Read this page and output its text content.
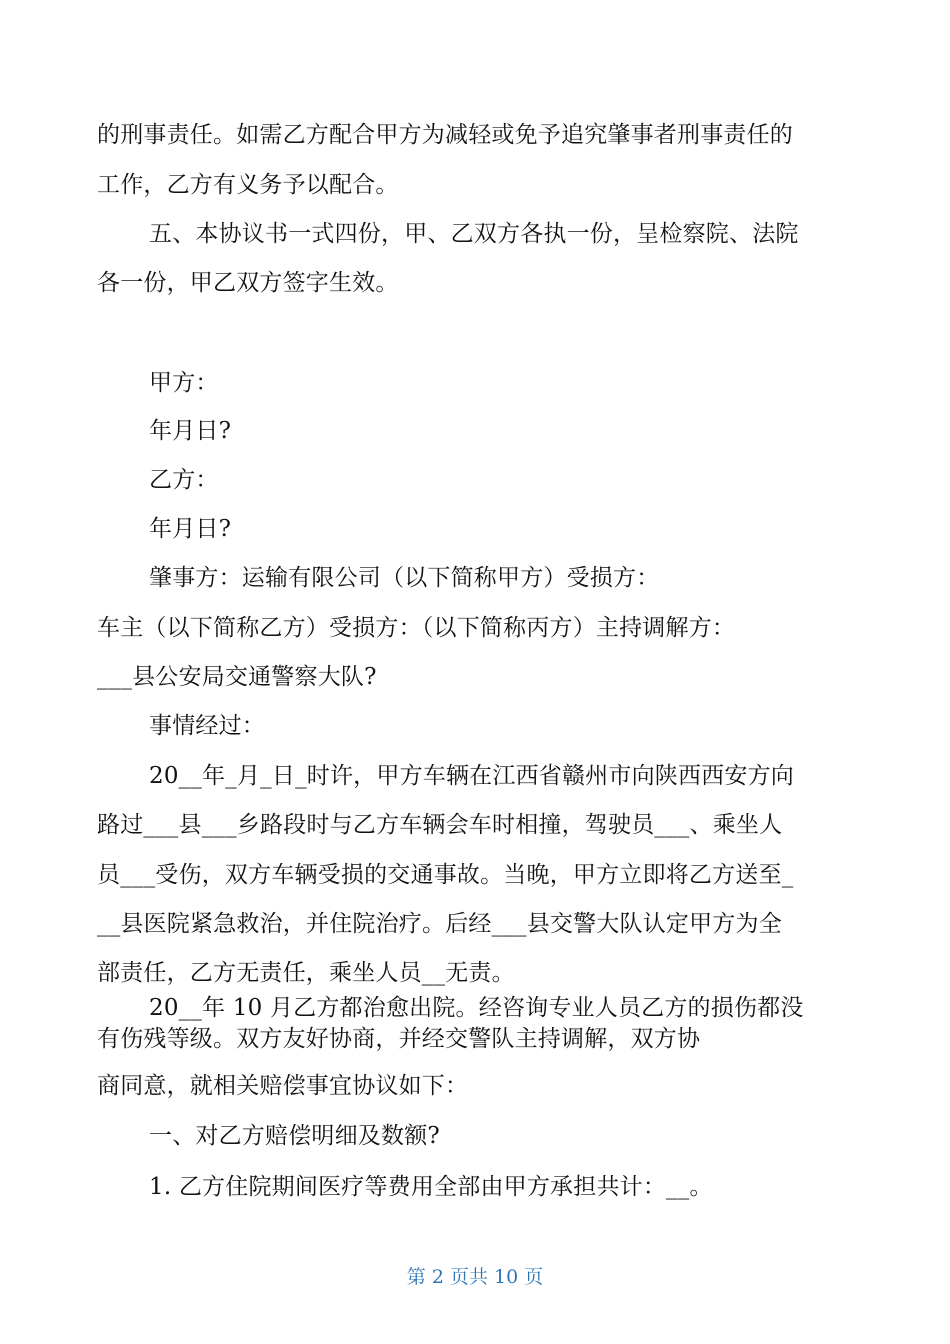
的刑事责任。如需乙方配合甲方为减轻或免予追究肇事者刑事责任的
工作，乙方有义务予以配合。
五、本协议书一式四份，甲、乙双方各执一份，呈检察院、法院
各一份，甲乙双方签字生效。
甲方：
年月日?
乙方：
年月日?
肇事方：运输有限公司（以下简称甲方）受损方：
车主（以下简称乙方）受损方：（以下简称丙方）主持调解方：
___县公安局交通警察大队?
事情经过：
20__年_月_日_时许，甲方车辆在江西省赣州市向陕西西安方向
路过___县___乡路段时与乙方车辆会车时相撞，驾驶员___、乘坐人
员___受伤，双方车辆受损的交通事故。当晚，甲方立即将乙方送至_
__县医院紧急救治，并住院治疗。后经___县交警大队认定甲方为全
部责任，乙方无责任，乘坐人员__无责。
20__年 10 月乙方都治愈出院。经咨询专业人员乙方的损伤都没
有伤残等级。双方友好协商，并经交警队主持调解，双方协
商同意，就相关赔偿事宜协议如下：
一、对乙方赔偿明细及数额?
1. 乙方住院期间医疗等费用全部由甲方承担共计：__。
第 2 页共 10 页
